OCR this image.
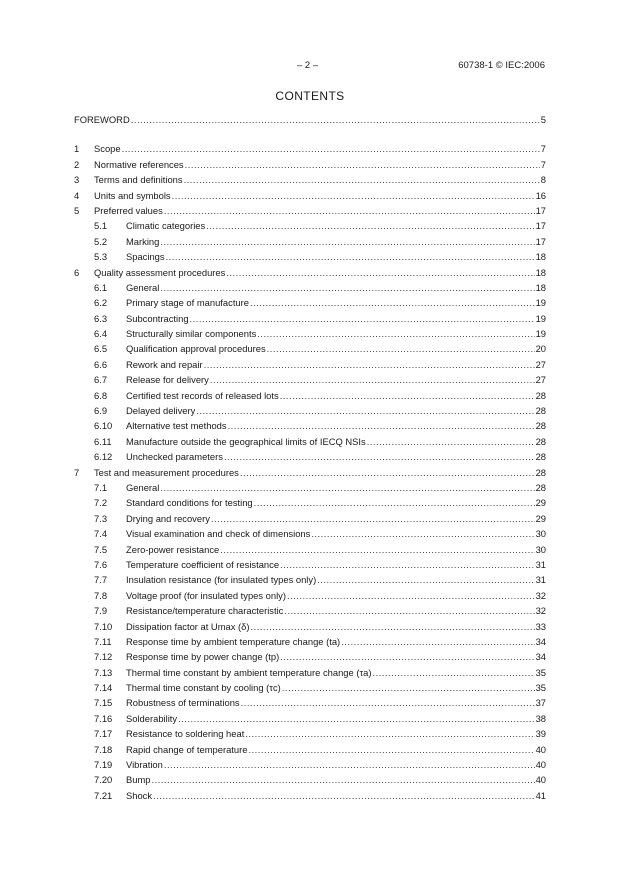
– 2 –	60738-1 © IEC:2006
CONTENTS
FOREWORD .....	5
1	Scope .....	7
2	Normative references .....	7
3	Terms and definitions .....	8
4	Units and symbols .....	16
5	Preferred values .....	17
5.1	Climatic categories .....	17
5.2	Marking .....	17
5.3	Spacings .....	18
6	Quality assessment procedures .....	18
6.1	General .....	18
6.2	Primary stage of manufacture .....	19
6.3	Subcontracting .....	19
6.4	Structurally similar components .....	19
6.5	Qualification approval procedures .....	20
6.6	Rework and repair .....	27
6.7	Release for delivery .....	27
6.8	Certified test records of released lots .....	28
6.9	Delayed delivery .....	28
6.10	Alternative test methods .....	28
6.11	Manufacture outside the geographical limits of IECQ NSIs .....	28
6.12	Unchecked parameters .....	28
7	Test and measurement procedures .....	28
7.1	General .....	28
7.2	Standard conditions for testing .....	29
7.3	Drying and recovery .....	29
7.4	Visual examination and check of dimensions .....	30
7.5	Zero-power resistance .....	30
7.6	Temperature coefficient of resistance .....	31
7.7	Insulation resistance (for insulated types only) .....	31
7.8	Voltage proof (for insulated types only) .....	32
7.9	Resistance/temperature characteristic .....	32
7.10	Dissipation factor at Umax (δ) .....	33
7.11	Response time by ambient temperature change (ta) .....	34
7.12	Response time by power change (tp) .....	34
7.13	Thermal time constant by ambient temperature change (τa) .....	35
7.14	Thermal time constant by cooling (τc) .....	35
7.15	Robustness of terminations .....	37
7.16	Solderability .....	38
7.17	Resistance to soldering heat .....	39
7.18	Rapid change of temperature .....	40
7.19	Vibration .....	40
7.20	Bump .....	40
7.21	Shock .....	41
